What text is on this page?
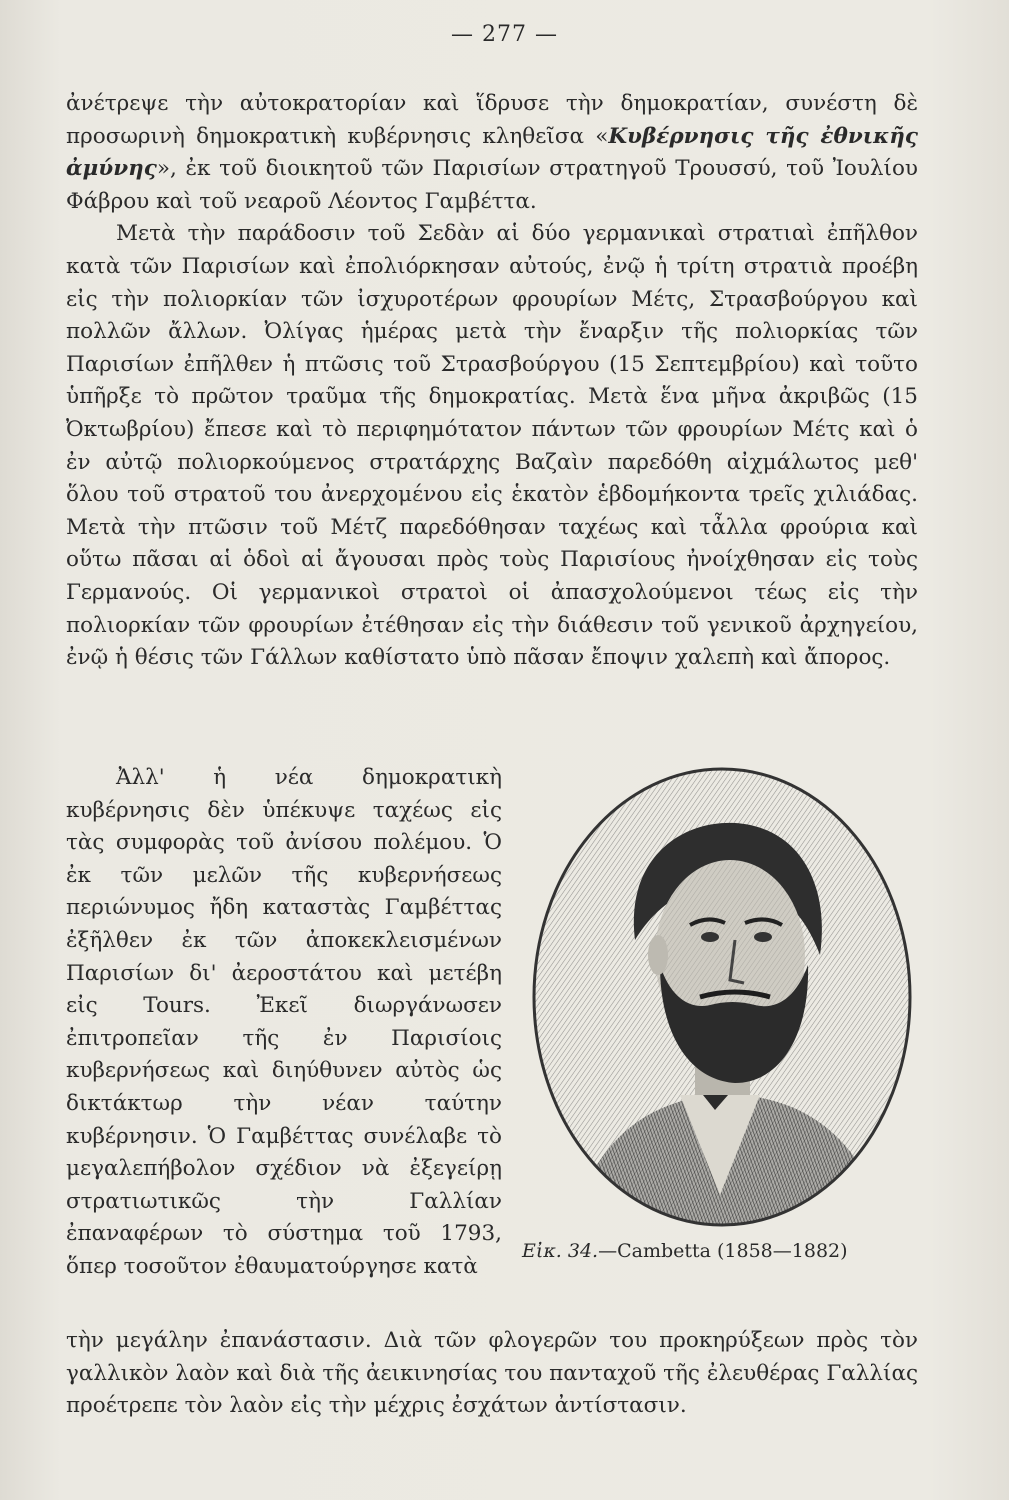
— 277 —

ἀνέτρεψε τὴν αὐτοκρατορίαν καὶ ἵδρυσε τὴν δημοκρατίαν, συνέστη δὲ προσωρινὴ δημοκρατικὴ κυβέρνησις κληθεῖσα «Κυβέρνησις τῆς ἐθνικῆς ἀμύνης», ἐκ τοῦ διοικητοῦ τῶν Παρισίων στρατηγοῦ Τρουσσύ, τοῦ Ἰουλίου Φάβρου καὶ τοῦ νεαροῦ Λέοντος Γαμβέττα.

Μετὰ τὴν παράδοσιν τοῦ Σεδὰν αἱ δύο γερμανικαὶ στρατιαὶ ἐπῆλθον κατὰ τῶν Παρισίων καὶ ἐπολιόρκησαν αὐτούς, ἐνῷ ἡ τρίτη στρατιὰ προέβη εἰς τὴν πολιορκίαν τῶν ἰσχυροτέρων φρουρίων Μέτς, Στρασβούργου καὶ πολλῶν ἄλλων. Ὀλίγας ἡμέρας μετὰ τὴν ἔναρξιν τῆς πολιορκίας τῶν Παρισίων ἐπῆλθεν ἡ πτῶσις τοῦ Στρασβούργου (15 Σεπτεμβρίου) καὶ τοῦτο ὑπῆρξε τὸ πρῶτον τραῦμα τῆς δημοκρατίας. Μετὰ ἕνα μῆνα ἀκριβῶς (15 Ὀκτωβρίου) ἔπεσε καὶ τὸ περιφημότατον πάντων τῶν φρουρίων Μέτς καὶ ὁ ἐν αὐτῷ πολιορκούμενος στρατάρχης Βαζαὶν παρεδόθη αἰχμάλωτος μεθ' ὅλου τοῦ στρατοῦ του ἀνερχομένου εἰς ἑκατὸν ἑβδομήκοντα τρεῖς χιλιάδας. Μετὰ τὴν πτῶσιν τοῦ Μέτζ παρεδόθησαν ταχέως καὶ τἆλλα φρούρια καὶ οὕτω πᾶσαι αἱ ὁδοὶ αἱ ἄγουσαι πρὸς τοὺς Παρισίους ἠνοίχθησαν εἰς τοὺς Γερμανούς. Οἱ γερμανικοὶ στρατοὶ οἱ ἀπασχολούμενοι τέως εἰς τὴν πολιορκίαν τῶν φρουρίων ἐτέθησαν εἰς τὴν διάθεσιν τοῦ γενικοῦ ἀρχηγείου, ἐνῷ ἡ θέσις τῶν Γάλλων καθίστατο ὑπὸ πᾶσαν ἔποψιν χαλεπὴ καὶ ἄπορος.

Ἀλλ' ἡ νέα δημοκρατικὴ κυβέρνησις δὲν ὑπέκυψε ταχέως εἰς τὰς συμφορὰς τοῦ ἀνίσου πολέμου. Ὁ ἐκ τῶν μελῶν τῆς κυβερνήσεως περιώνυμος ἤδη καταστὰς Γαμβέττας ἐξῆλθεν ἐκ τῶν ἀποκεκλεισμένων Παρισίων δι' ἀεροστάτου καὶ μετέβη εἰς Tours. Ἐκεῖ διωργάνωσεν ἐπιτροπεῖαν τῆς ἐν Παρισίοις κυβερνήσεως καὶ διηύθυνεν αὐτὸς ὡς δικτάκτωρ τὴν νέαν ταύτην κυβέρνησιν. Ὁ Γαμβέττας συνέλαβε τὸ μεγαλεπήβολον σχέδιον νὰ ἐξεγείρῃ στρατιωτικῶς τὴν Γαλλίαν ἐπαναφέρων τὸ σύστημα τοῦ 1793, ὅπερ τοσοῦτον ἐθαυματούργησε κατὰ

Εἰκ. 34.—Cambetta (1858—1882)

τὴν μεγάλην ἐπανάστασιν. Διὰ τῶν φλογερῶν του προκηρύξεων πρὸς τὸν γαλλικὸν λαὸν καὶ διὰ τῆς ἀεικινησίας του πανταχοῦ τῆς ἐλευθέρας Γαλλίας προέτρεπε τὸν λαὸν εἰς τὴν μέχρις ἐσχάτων ἀντίστασιν.
